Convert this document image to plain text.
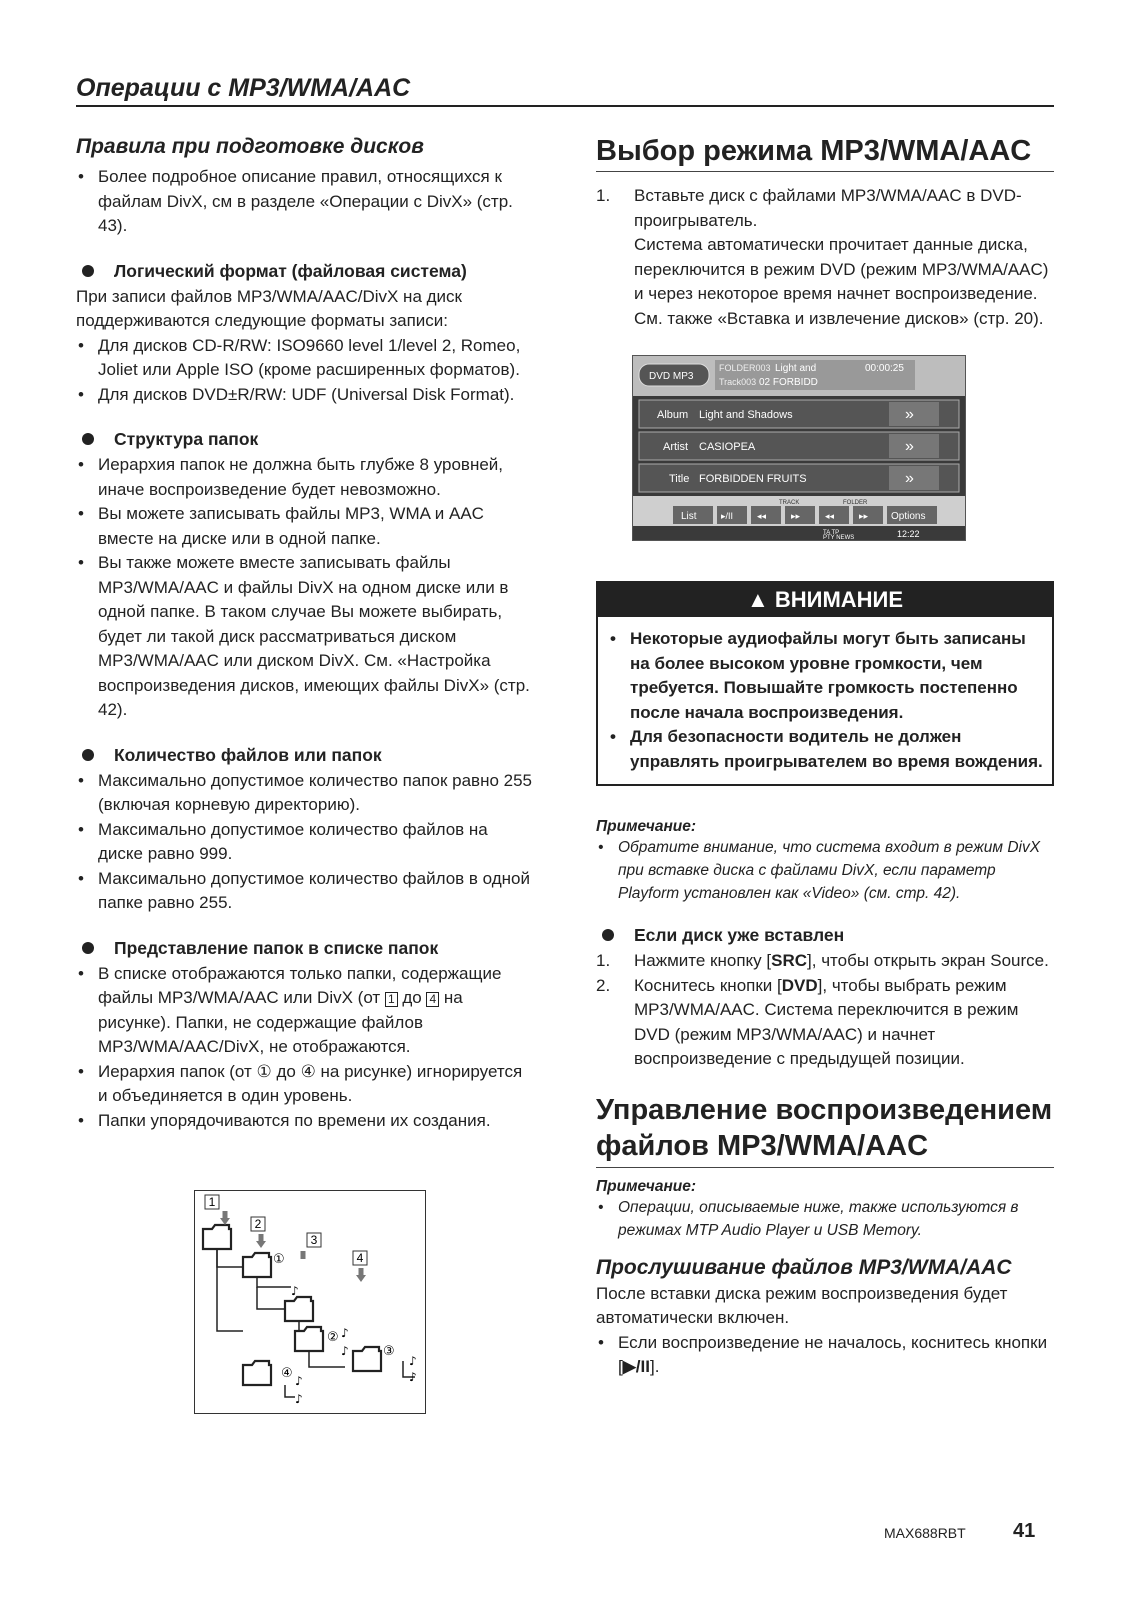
Операции с MP3/WMA/AAC
Правила при подготовке дисков
• Более подробное описание правил, относящихся к файлам DivX, см в разделе «Операции с DivX» (стр. 43).
Логический формат (файловая система)

При записи файлов MP3/WMA/AAC/DivX на диск поддерживаются следующие форматы записи:

• Для дисков CD-R/RW: ISO9660 level 1/level 2, Romeo, Joliet или Apple ISO (кроме расширенных форматов).
• Для дисков DVD±R/RW: UDF (Universal Disk Format).
Структура папок
• Иерархия папок не должна быть глубже 8 уровней, иначе воспроизведение будет невозможно.
• Вы можете записывать файлы MP3, WMA и AAC вместе на диске или в одной папке.
• Вы также можете вместе записывать файлы MP3/WMA/AAC и файлы DivX на одном диске или в одной папке. В таком случае Вы можете выбирать, будет ли такой диск рассматриваться диском MP3/WMA/AAC или диском DivX. См. «Настройка воспроизведения дисков, имеющих файлы DivX» (стр. 42).
Количество файлов или папок
• Максимально допустимое количество папок равно 255 (включая корневую директорию).
• Максимально допустимое количество файлов на диске равно 999.
• Максимально допустимое количество файлов в одной папке равно 255.
Представление папок в списке папок
• В списке отображаются только папки, содержащие файлы MP3/WMA/AAC или DivX (от 1 до 4 на рисунке). Папки, не содержащие файлов MP3/WMA/AAC/DivX, не отображаются.
• Иерархия папок (от ① до ④ на рисунке) игнорируется и объединяется в один уровень.
• Папки упорядочиваются по времени их создания.
1
2
①
♪
3
② ♪
♪
4
③
♪
♪
④ ♪
♪
Выбор режима MP3/WMA/AAC
1. Вставьте диск с файлами MP3/WMA/AAC в DVD-проигрыватель.
Система автоматически прочитает данные диска, переключится в режим DVD (режим MP3/WMA/AAC) и через некоторое время начнет воспроизведение.
См. также «Вставка и извлечение дисков» (стр. 20).
DVD MP3
FOLDER003 Light and
Track003 02 FORBIDD
00:00:25
Album Light and Shadows	»
Artist CASIOPEA	»
Title FORBIDDEN FRUITS	»
TRACK	FOLDER
List	▸/II	◂◂	▸▸	◂◂	▸▸ Options
TA TP
PTY NEWS	12:22
▲ ВНИМАНИЕ
• Некоторые аудиофайлы могут быть записаны на более высоком уровне громкости, чем требуется. Повышайте громкость постепенно после начала воспроизведения.
• Для безопасности водитель не должен управлять проигрывателем во время вождения.
Примечание:
• Обратите внимание, что система входит в режим DivX при вставке диска с файлами DivX, если параметр Playform установлен как «Video» (см. стр. 42).
Если диск уже вставлен
1. Нажмите кнопку [SRC], чтобы открыть экран Source.
2. Коснитесь кнопки [DVD], чтобы выбрать режим MP3/WMA/AAC. Система переключится в режим DVD (режим MP3/WMA/AAC) и начнет воспроизведение с предыдущей позиции.
Управление воспроизведением файлов MP3/WMA/AAC
Примечание:
• Операции, описываемые ниже, также используются в режимах MTP Audio Player и USB Memory.
Прослушивание файлов MP3/WMA/AAC

После вставки диска режим воспроизведения будет автоматически включен.

• Если воспроизведение не началось, коснитесь кнопки [▶/II].
MAX688RBT 41
